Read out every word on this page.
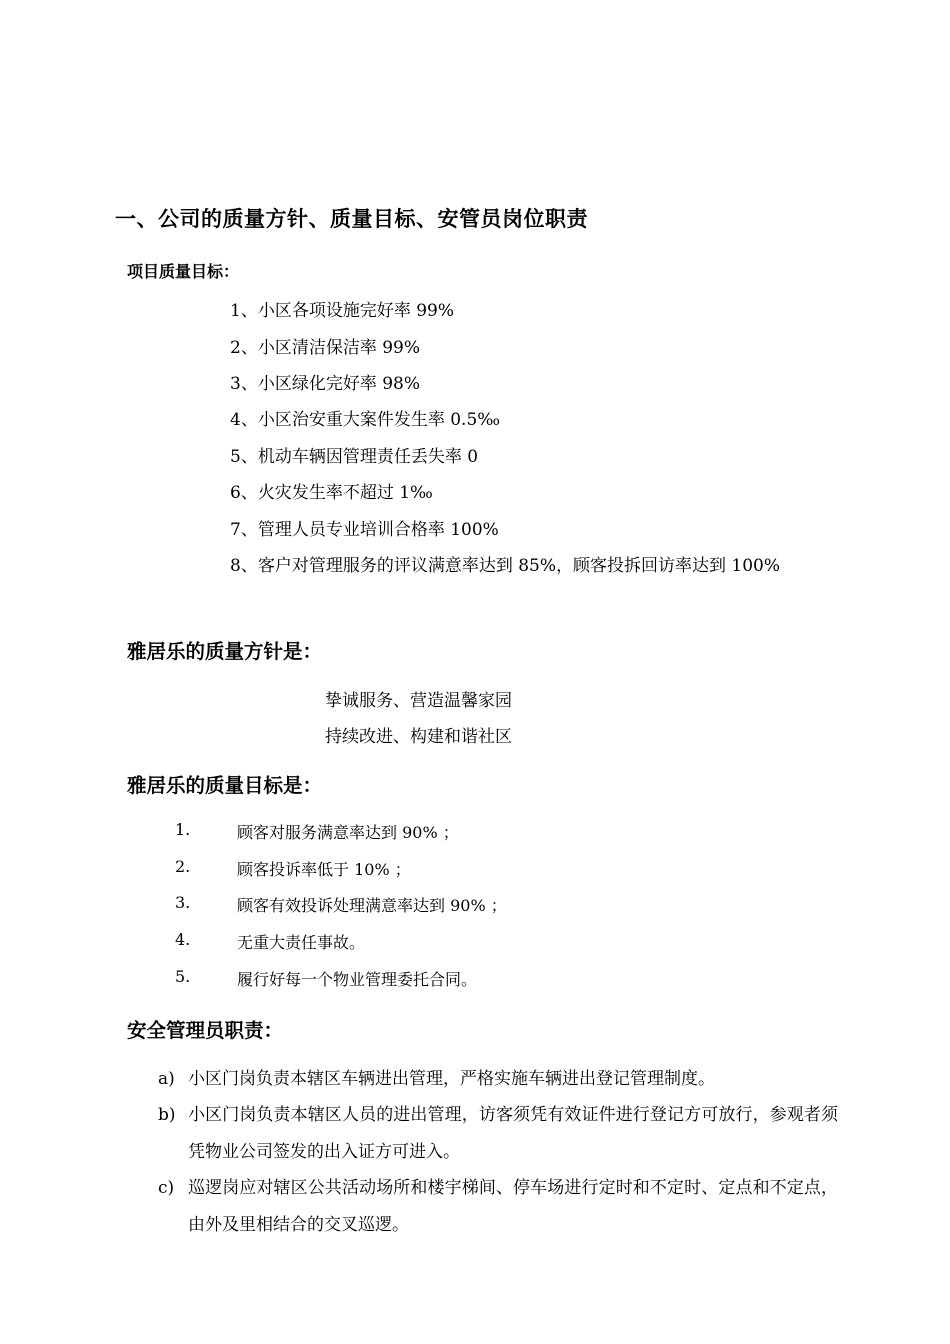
一、公司的质量方针、质量目标、安管员岗位职责
项目质量目标：
1、小区各项设施完好率 99%
2、小区清洁保洁率 99%
3、小区绿化完好率 98%
4、小区治安重大案件发生率 0.5‰
5、机动车辆因管理责任丢失率 0
6、火灾发生率不超过 1‰
7、管理人员专业培训合格率 100%
8、客户对管理服务的评议满意率达到 85%，顾客投拆回访率达到 100%
雅居乐的质量方针是：
挚诚服务、营造温馨家园
持续改进、构建和谐社区
雅居乐的质量目标是：
1.	顾客对服务满意率达到 90% ；
2.	顾客投诉率低于 10% ；
3.	顾客有效投诉处理满意率达到 90% ；
4.	无重大责任事故。
5.	履行好每一个物业管理委托合同。
安全管理员职责：
a) 小区门岗负责本辖区车辆进出管理，严格实施车辆进出登记管理制度。
b) 小区门岗负责本辖区人员的进出管理，访客须凭有效证件进行登记方可放行，参观者须凭物业公司签发的出入证方可进入。
c) 巡逻岗应对辖区公共活动场所和楼宇梯间、停车场进行定时和不定时、定点和不定点，由外及里相结合的交叉巡逻。
